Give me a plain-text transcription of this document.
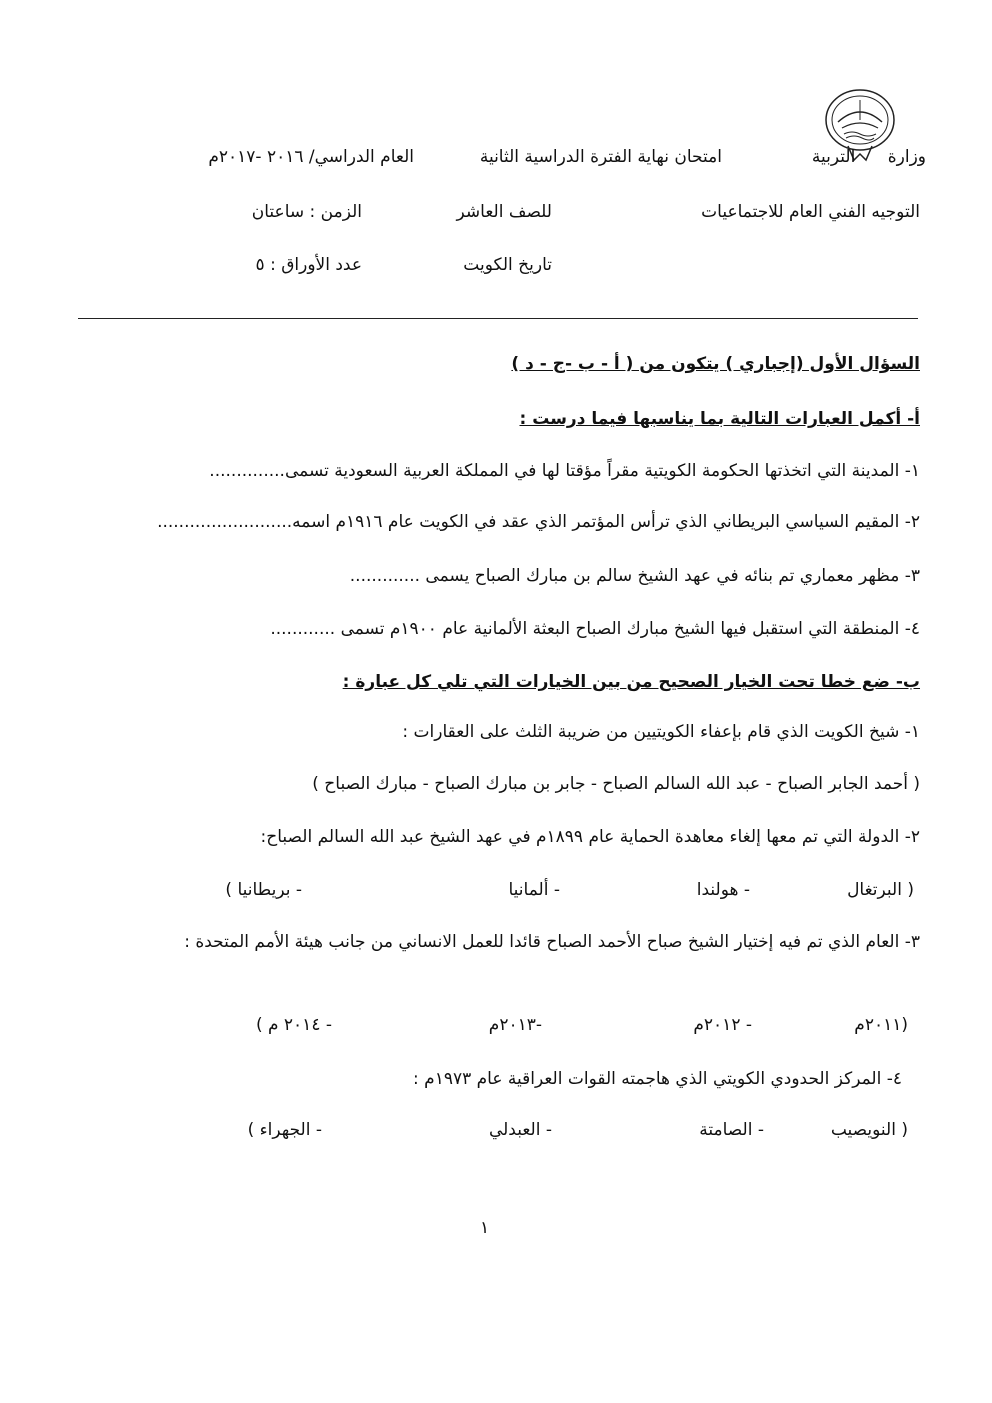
وزارة      التربية
امتحان نهاية الفترة الدراسية الثانية
العام الدراسي/ ٢٠١٦ -٢٠١٧م
التوجيه الفني العام للاجتماعيات
للصف العاشر
الزمن : ساعتان
تاريخ الكويت
عدد الأوراق : ٥
السؤال الأول (إجباري ) يتكون من ( أ - ب -ج - د )
أ- أكمل العبارات التالية بما يناسبها فيما درست :
١- المدينة التي اتخذتها الحكومة الكويتية مقراً مؤقتا لها في المملكة العربية السعودية تسمى..............
٢- المقيم السياسي البريطاني الذي ترأس المؤتمر الذي عقد في الكويت عام ١٩١٦م اسمه.........................
٣- مظهر معماري تم بنائه في عهد الشيخ سالم بن مبارك الصباح يسمى .............
٤- المنطقة التي استقبل فيها الشيخ مبارك الصباح البعثة الألمانية عام ١٩٠٠م تسمى ............
ب- ضع خطا تحت الخيار الصحيح من بين الخيارات التي تلي كل عبارة :
١- شيخ الكويت الذي قام بإعفاء الكويتيين من ضريبة الثلث على العقارات :
( أحمد الجابر الصباح - عبد الله السالم الصباح - جابر بن مبارك الصباح - مبارك الصباح )
٢- الدولة التي تم معها إلغاء معاهدة الحماية عام ١٨٩٩م في عهد الشيخ عبد الله السالم الصباح:
( البرتغال
- هولندا
- ألمانيا
- بريطانيا )
٣- العام الذي تم فيه إختيار الشيخ صباح الأحمد الصباح قائدا للعمل الانساني من جانب هيئة الأمم المتحدة :
(٢٠١١م
- ٢٠١٢م
-٢٠١٣م
- ٢٠١٤ م )
٤- المركز الحدودي الكويتي الذي هاجمته القوات العراقية عام ١٩٧٣م :
( النويصيب
- الصامتة
- العبدلي
- الجهراء )
١
